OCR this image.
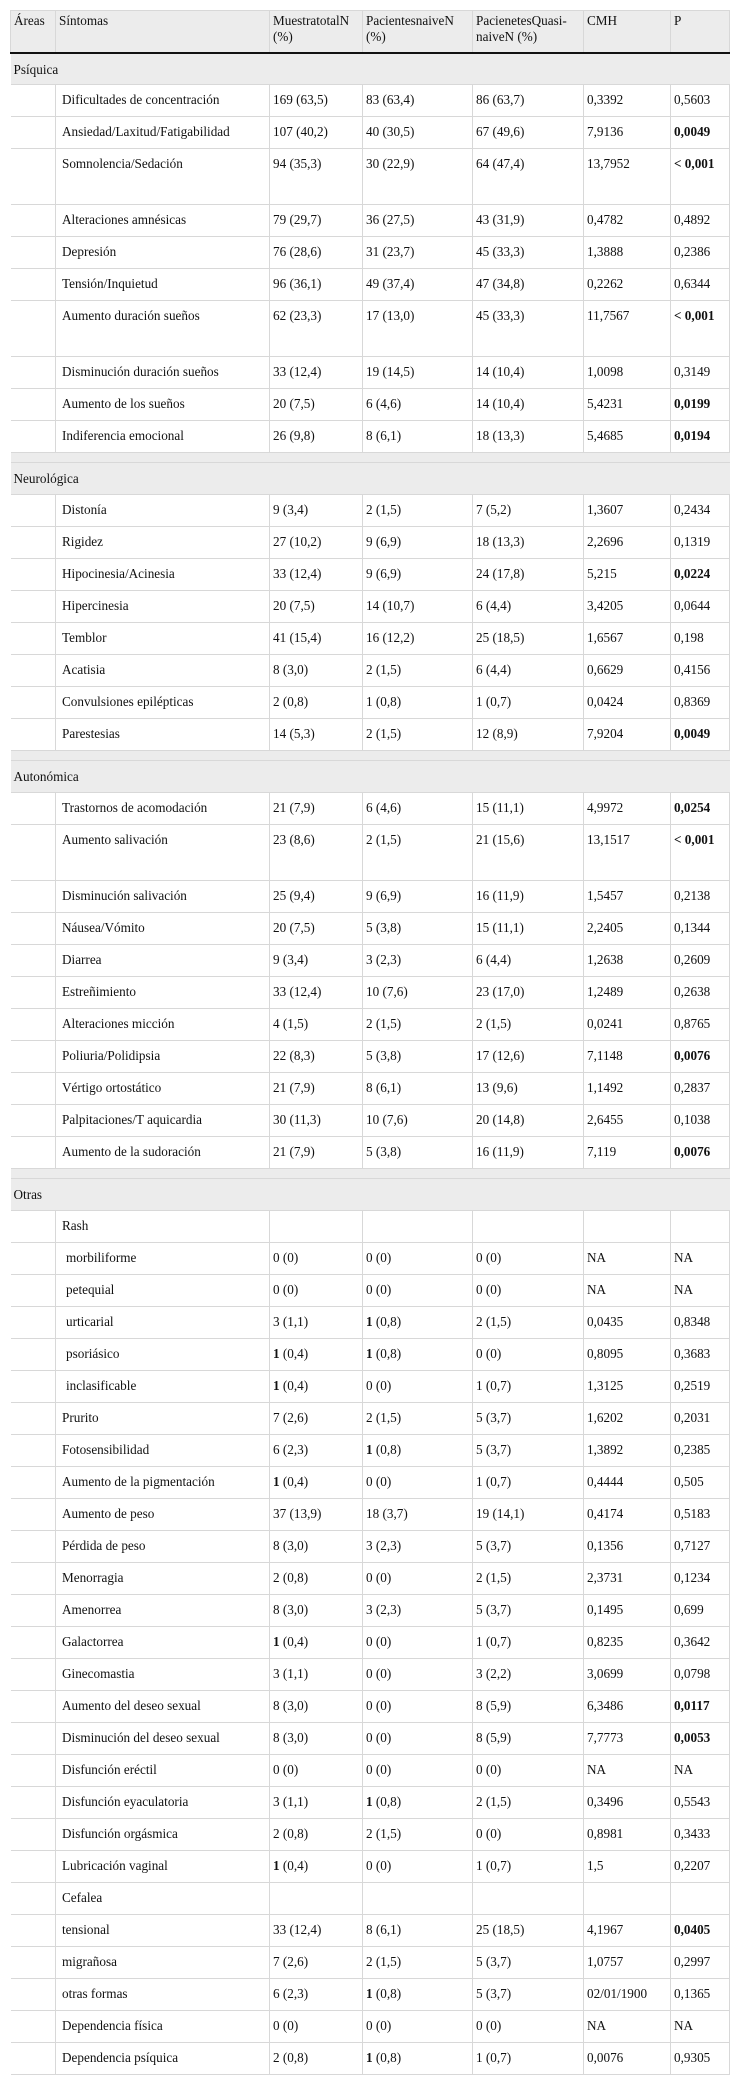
Áreas	Síntomas	MuestratotalN (%)	PacientesnaiveN (%)	PacienetesQuasi-naiveN (%)	CMH	P
Psíquica						
	Dificultades de concentración	169 (63,5)	83 (63,4)	86 (63,7)	0,3392	0,5603
	Ansiedad/Laxitud/Fatigabilidad	107 (40,2)	40 (30,5)	67 (49,6)	7,9136	0,0049
	Somnolencia/Sedación	94 (35,3)	30 (22,9)	64 (47,4)	13,7952	< 0,001
	Alteraciones amnésicas	79 (29,7)	36 (27,5)	43 (31,9)	0,4782	0,4892
	Depresión	76 (28,6)	31 (23,7)	45 (33,3)	1,3888	0,2386
	Tensión/Inquietud	96 (36,1)	49 (37,4)	47 (34,8)	0,2262	0,6344
	Aumento duración sueños	62 (23,3)	17 (13,0)	45 (33,3)	11,7567	< 0,001
	Disminución duración sueños	33 (12,4)	19 (14,5)	14 (10,4)	1,0098	0,3149
	Aumento de los sueños	20 (7,5)	6 (4,6)	14 (10,4)	5,4231	0,0199
	Indiferencia emocional	26 (9,8)	8 (6,1)	18 (13,3)	5,4685	0,0194

Neurológica						
	Distonía	9 (3,4)	2 (1,5)	7 (5,2)	1,3607	0,2434
	Rigidez	27 (10,2)	9 (6,9)	18 (13,3)	2,2696	0,1319
	Hipocinesia/Acinesia	33 (12,4)	9 (6,9)	24 (17,8)	5,215	0,0224
	Hipercinesia	20 (7,5)	14 (10,7)	6 (4,4)	3,4205	0,0644
	Temblor	41 (15,4)	16 (12,2)	25 (18,5)	1,6567	0,198
	Acatisia	8 (3,0)	2 (1,5)	6 (4,4)	0,6629	0,4156
	Convulsiones epilépticas	2 (0,8)	1 (0,8)	1 (0,7)	0,0424	0,8369
	Parestesias	14 (5,3)	2 (1,5)	12 (8,9)	7,9204	0,0049

Autonómica						
	Trastornos de acomodación	21 (7,9)	6 (4,6)	15 (11,1)	4,9972	0,0254
	Aumento salivación	23 (8,6)	2 (1,5)	21 (15,6)	13,1517	< 0,001
	Disminución salivación	25 (9,4)	9 (6,9)	16 (11,9)	1,5457	0,2138
	Náusea/Vómito	20 (7,5)	5 (3,8)	15 (11,1)	2,2405	0,1344
	Diarrea	9 (3,4)	3 (2,3)	6 (4,4)	1,2638	0,2609
	Estreñimiento	33 (12,4)	10 (7,6)	23 (17,0)	1,2489	0,2638
	Alteraciones micción	4 (1,5)	2 (1,5)	2 (1,5)	0,0241	0,8765
	Poliuria/Polidipsia	22 (8,3)	5 (3,8)	17 (12,6)	7,1148	0,0076
	Vértigo ortostático	21 (7,9)	8 (6,1)	13 (9,6)	1,1492	0,2837
	Palpitaciones/T aquicardia	30 (11,3)	10 (7,6)	20 (14,8)	2,6455	0,1038
	Aumento de la sudoración	21 (7,9)	5 (3,8)	16 (11,9)	7,119	0,0076

Otras						
	Rash					
	morbiliforme	0 (0)	0 (0)	0 (0)	NA	NA
	petequial	0 (0)	0 (0)	0 (0)	NA	NA
	urticarial	3 (1,1)	1 (0,8)	2 (1,5)	0,0435	0,8348
	psoriásico	1 (0,4)	1 (0,8)	0 (0)	0,8095	0,3683
	inclasificable	1 (0,4)	0 (0)	1 (0,7)	1,3125	0,2519
	Prurito	7 (2,6)	2 (1,5)	5 (3,7)	1,6202	0,2031
	Fotosensibilidad	6 (2,3)	1 (0,8)	5 (3,7)	1,3892	0,2385
	Aumento de la pigmentación	1 (0,4)	0 (0)	1 (0,7)	0,4444	0,505
	Aumento de peso	37 (13,9)	18 (3,7)	19 (14,1)	0,4174	0,5183
	Pérdida de peso	8 (3,0)	3 (2,3)	5 (3,7)	0,1356	0,7127
	Menorragia	2 (0,8)	0 (0)	2 (1,5)	2,3731	0,1234
	Amenorrea	8 (3,0)	3 (2,3)	5 (3,7)	0,1495	0,699
	Galactorrea	1 (0,4)	0 (0)	1 (0,7)	0,8235	0,3642
	Ginecomastia	3 (1,1)	0 (0)	3 (2,2)	3,0699	0,0798
	Aumento del deseo sexual	8 (3,0)	0 (0)	8 (5,9)	6,3486	0,0117
	Disminución del deseo sexual	8 (3,0)	0 (0)	8 (5,9)	7,7773	0,0053
	Disfunción eréctil	0 (0)	0 (0)	0 (0)	NA	NA
	Disfunción eyaculatoria	3 (1,1)	1 (0,8)	2 (1,5)	0,3496	0,5543
	Disfunción orgásmica	2 (0,8)	2 (1,5)	0 (0)	0,8981	0,3433
	Lubricación vaginal	1 (0,4)	0 (0)	1 (0,7)	1,5	0,2207
	Cefalea					
	tensional	33 (12,4)	8 (6,1)	25 (18,5)	4,1967	0,0405
	migrañosa	7 (2,6)	2 (1,5)	5 (3,7)	1,0757	0,2997
	otras formas	6 (2,3)	1 (0,8)	5 (3,7)	02/01/1900	0,1365
	Dependencia física	0 (0)	0 (0)	0 (0)	NA	NA
	Dependencia psíquica	2 (0,8)	1 (0,8)	1 (0,7)	0,0076	0,9305
